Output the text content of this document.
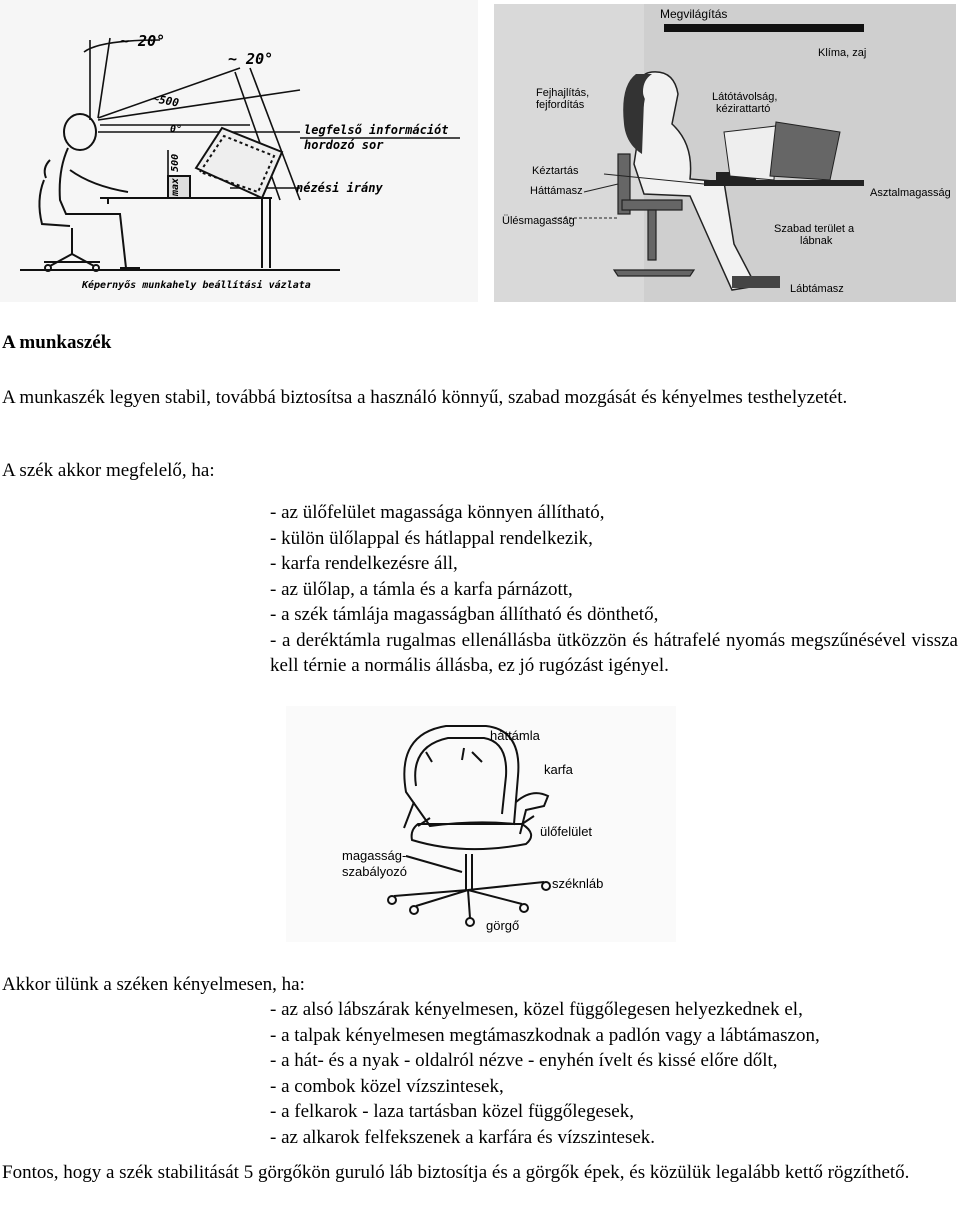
~ 20°
~ 20°
~500
0°
max 500
legfelső információt
hordozó sor
nézési irány
Képernyős munkahely beállítási vázlata
Megvilágítás
Klíma, zaj
Fejhajlítás,
fejfordítás
Látótávolság,
kézirattartó
Kéztartás
Háttámasz	Asztalmagasság
Ülésmagasság
Szabad terület a
lábnak
Lábtámasz
A munkaszék

A munkaszék legyen stabil, továbbá biztosítsa a használó könnyű, szabad mozgását és kényelmes testhelyzetét.

A szék akkor megfelelő, ha:
- az ülőfelület magassága könnyen állítható,
- külön ülőlappal és hátlappal rendelkezik,
- karfa rendelkezésre áll,
- az ülőlap, a támla és a karfa párnázott,
- a szék támlája magasságban állítható és dönthető,
- a deréktámla rugalmas ellenállásba ütközzön és hátrafelé nyomás megszűnésével vissza kell térnie a normális állásba, ez jó rugózást igényel.
háttámla
karfa
ülőfelület
magasság-
szabályozó
széknláb
görgő
Akkor ülünk a széken kényelmesen, ha:
- az alsó lábszárak kényelmesen, közel függőlegesen helyezkednek el,
- a talpak kényelmesen megtámaszkodnak a padlón vagy a lábtámaszon,
- a hát- és a nyak - oldalról nézve - enyhén ívelt és kissé előre dőlt,
- a combok közel vízszintesek,
- a felkarok - laza tartásban közel függőlegesek,
- az alkarok felfekszenek a karfára és vízszintesek.

Fontos, hogy a szék stabilitását 5 görgőkön guruló láb biztosítja és a görgők épek, és közülük legalább kettő rögzíthető.
